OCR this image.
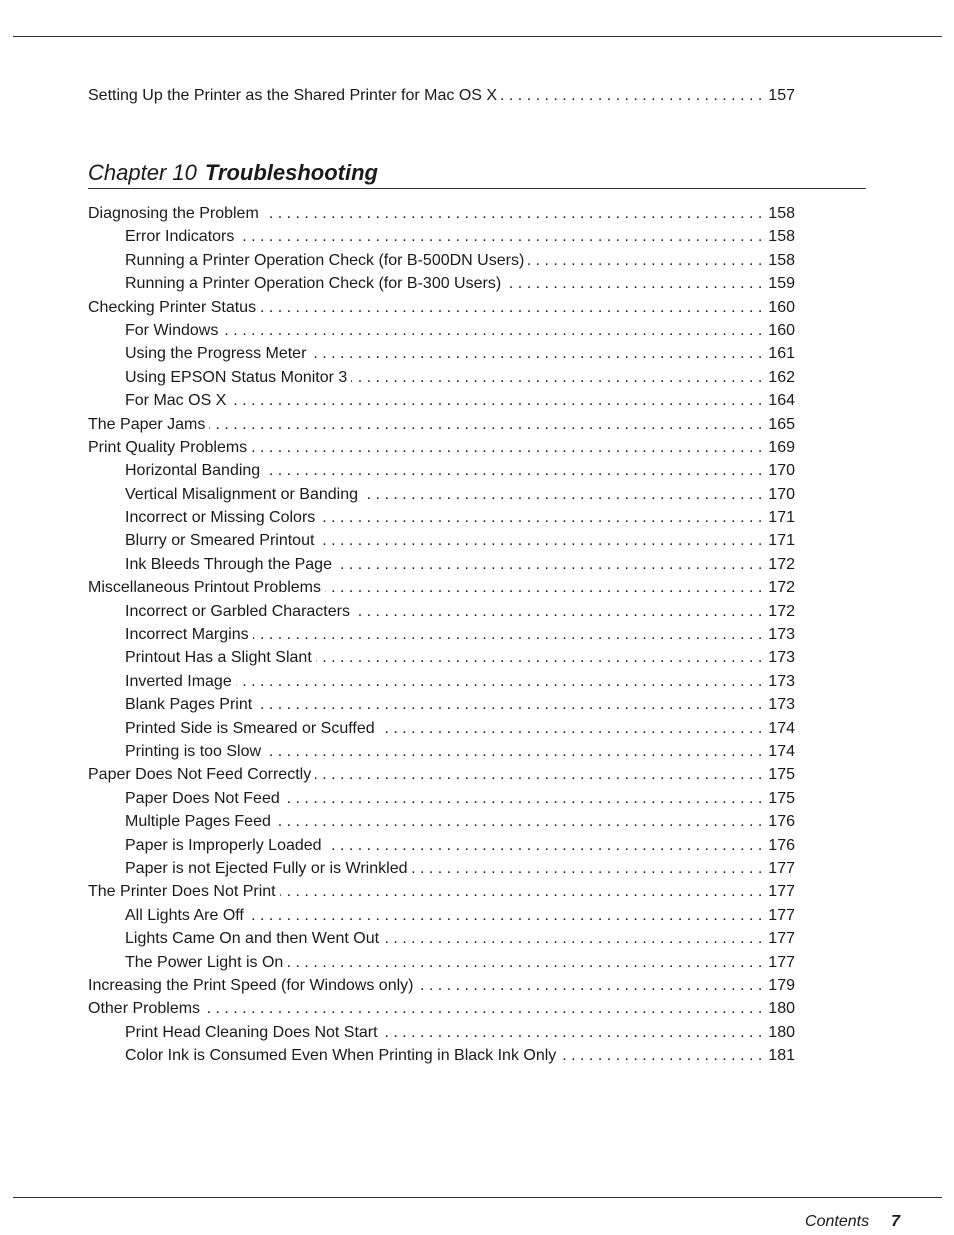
Setting Up the Printer as the Shared Printer for Mac OS X . . .	157
Chapter 10 Troubleshooting
Diagnosing the Problem . . .	158
Error Indicators . . .	158
Running a Printer Operation Check (for B-500DN Users) . . .	158
Running a Printer Operation Check (for B-300 Users) . . .	159
Checking Printer Status . . .	160
For Windows . . .	160
Using the Progress Meter . . .	161
Using EPSON Status Monitor 3 . . .	162
For Mac OS X . . .	164
The Paper Jams . . .	165
Print Quality Problems . . .	169
Horizontal Banding . . .	170
Vertical Misalignment or Banding . . .	170
Incorrect or Missing Colors . . .	171
Blurry or Smeared Printout . . .	171
Ink Bleeds Through the Page . . .	172
Miscellaneous Printout Problems . . .	172
Incorrect or Garbled Characters . . .	172
Incorrect Margins . . .	173
Printout Has a Slight Slant . . .	173
Inverted Image . . .	173
Blank Pages Print . . .	173
Printed Side is Smeared or Scuffed . . .	174
Printing is too Slow . . .	174
Paper Does Not Feed Correctly . . .	175
Paper Does Not Feed . . .	175
Multiple Pages Feed . . .	176
Paper is Improperly Loaded . . .	176
Paper is not Ejected Fully or is Wrinkled . . .	177
The Printer Does Not Print . . .	177
All Lights Are Off . . .	177
Lights Came On and then Went Out . . .	177
The Power Light is On . . .	177
Increasing the Print Speed (for Windows only) . . .	179
Other Problems . . .	180
Print Head Cleaning Does Not Start . . .	180
Color Ink is Consumed Even When Printing in Black Ink Only . . .	181
Contents 7
